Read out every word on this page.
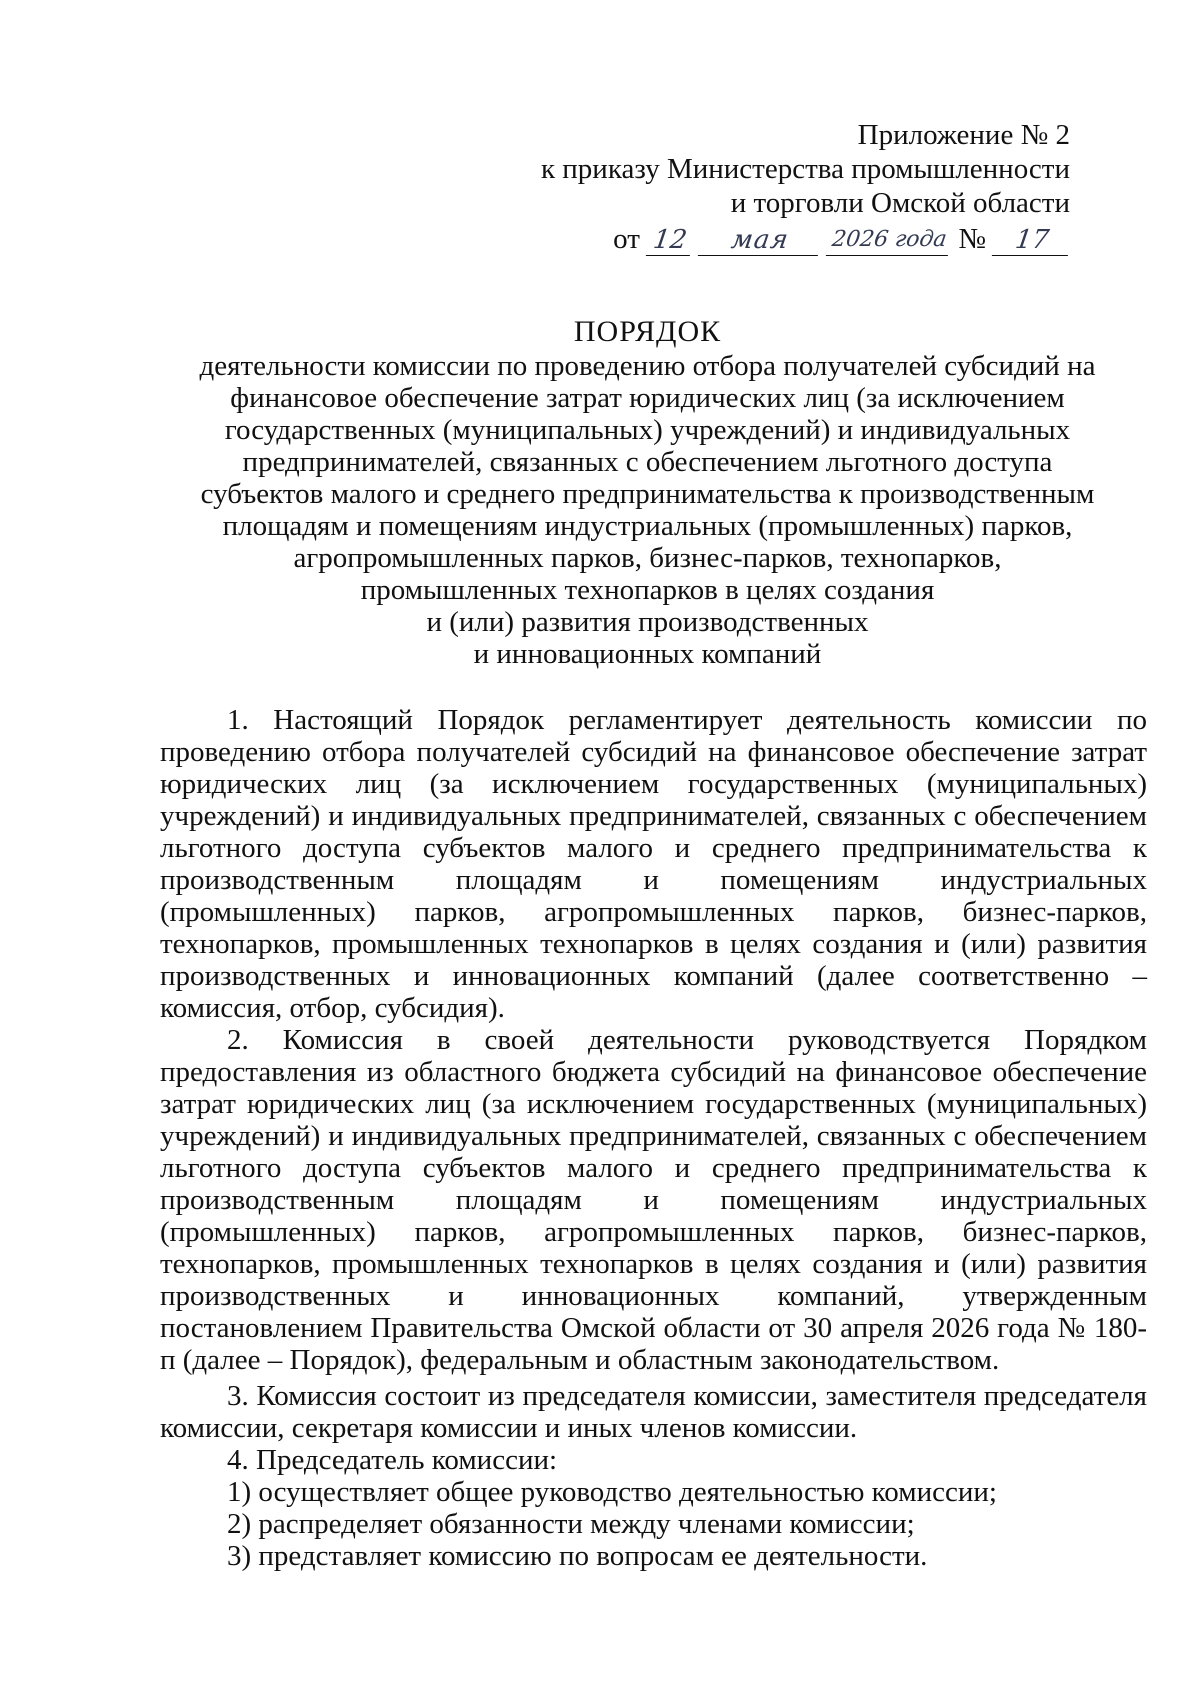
Приложение № 2
к приказу Министерства промышленности
и торговли Омской области
от 12	мая	2026 года №	17
ПОРЯДОК
деятельности комиссии по проведению отбора получателей субсидий на
финансовое обеспечение затрат юридических лиц (за исключением
государственных (муниципальных) учреждений) и индивидуальных
предпринимателей, связанных с обеспечением льготного доступа
субъектов малого и среднего предпринимательства к производственным
площадям и помещениям индустриальных (промышленных) парков,
агропромышленных парков, бизнес-парков, технопарков,
промышленных технопарков в целях создания
и (или) развития производственных
и инновационных компаний

1. Настоящий Порядок регламентирует деятельность комиссии по проведению отбора получателей субсидий на финансовое обеспечение затрат юридических лиц (за исключением государственных (муниципальных) учреждений) и индивидуальных предпринимателей, связанных с обеспечением льготного доступа субъектов малого и среднего предпринимательства к производственным площадям и помещениям индустриальных (промышленных) парков, агропромышленных парков, бизнес-парков, технопарков, промышленных технопарков в целях создания и (или) развития производственных и инновационных компаний (далее соответственно – комиссия, отбор, субсидия).

2. Комиссия в своей деятельности руководствуется Порядком предоставления из областного бюджета субсидий на финансовое обеспечение затрат юридических лиц (за исключением государственных (муниципальных) учреждений) и индивидуальных предпринимателей, связанных с обеспечением льготного доступа субъектов малого и среднего предпринимательства к производственным площадям и помещениям индустриальных (промышленных) парков, агропромышленных парков, бизнес-парков, технопарков, промышленных технопарков в целях создания и (или) развития производственных и инновационных компаний, утвержденным постановлением Правительства Омской области от 30 апреля 2026 года № 180-п (далее – Порядок), федеральным и областным законодательством.

3. Комиссия состоит из председателя комиссии, заместителя председателя комиссии, секретаря комиссии и иных членов комиссии.

4. Председатель комиссии:

1) осуществляет общее руководство деятельностью комиссии;

2) распределяет обязанности между членами комиссии;

3) представляет комиссию по вопросам ее деятельности.
